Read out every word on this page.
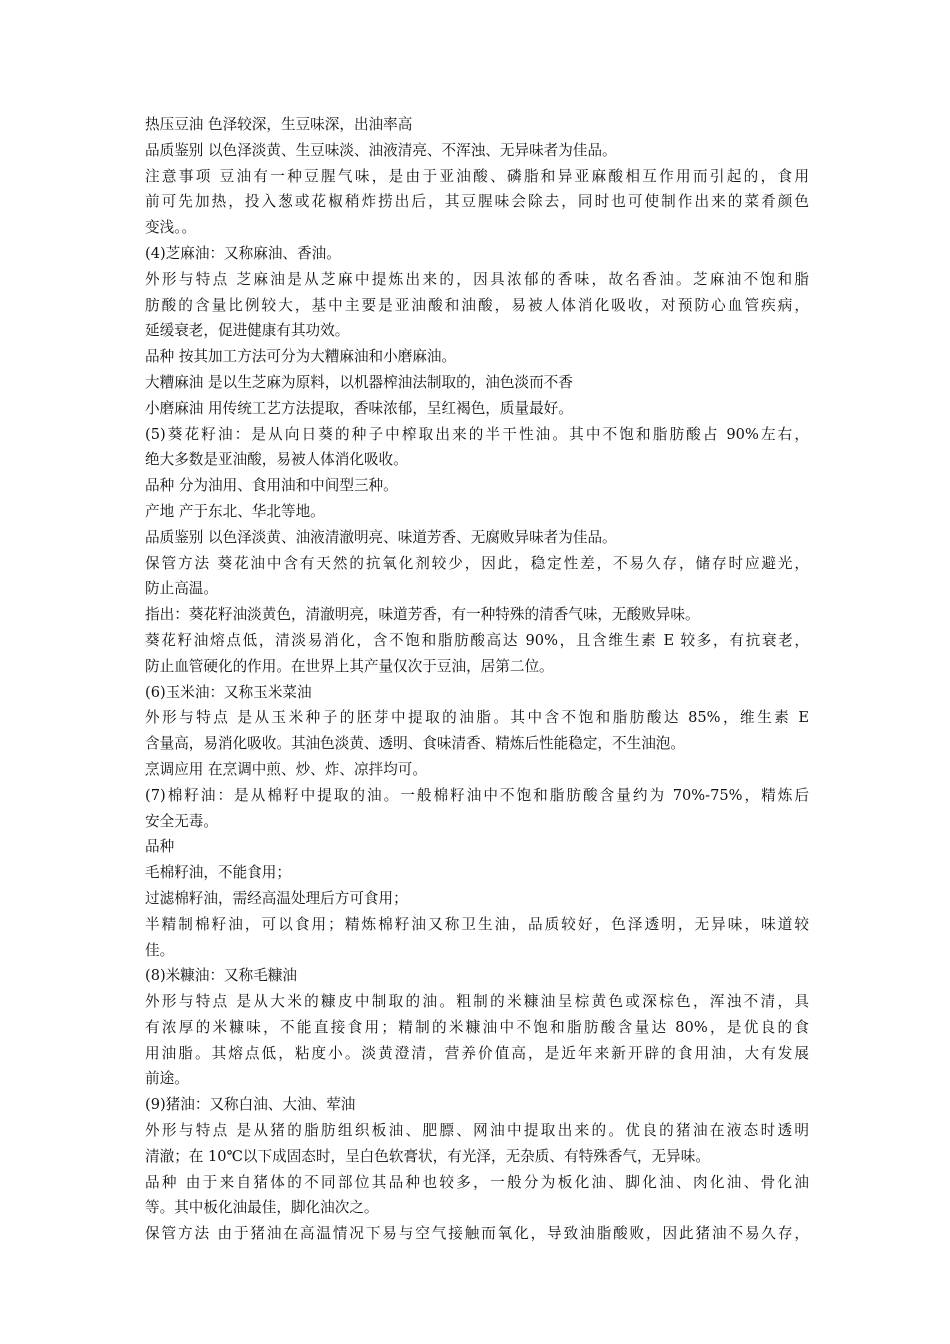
热压豆油 色泽较深，生豆味深，出油率高
品质鉴别 以色泽淡黄、生豆味淡、油液清亮、不浑浊、无异味者为佳品。
注意事项 豆油有一种豆腥气味，是由于亚油酸、磷脂和异亚麻酸相互作用而引起的，食用
前可先加热，投入葱或花椒稍炸捞出后，其豆腥味会除去，同时也可使制作出来的菜肴颜色
变浅。。
(4)芝麻油：又称麻油、香油。
外形与特点 芝麻油是从芝麻中提炼出来的，因具浓郁的香味，故名香油。芝麻油不饱和脂
肪酸的含量比例较大，基中主要是亚油酸和油酸，易被人体消化吸收，对预防心血管疾病，
延缓衰老，促进健康有其功效。
品种 按其加工方法可分为大糟麻油和小磨麻油。
大糟麻油 是以生芝麻为原料，以机器榨油法制取的，油色淡而不香
小磨麻油 用传统工艺方法提取，香味浓郁，呈红褐色，质量最好。
(5)葵花籽油：是从向日葵的种子中榨取出来的半干性油。其中不饱和脂肪酸占 90%左右，
绝大多数是亚油酸，易被人体消化吸收。
品种 分为油用、食用油和中间型三种。
产地 产于东北、华北等地。
品质鉴别 以色泽淡黄、油液清澈明亮、味道芳香、无腐败异味者为佳品。
保管方法 葵花油中含有天然的抗氧化剂较少，因此，稳定性差，不易久存，储存时应避光，
防止高温。
指出：葵花籽油淡黄色，清澈明亮，味道芳香，有一种特殊的清香气味，无酸败异味。
葵花籽油熔点低，清淡易消化，含不饱和脂肪酸高达 90%，且含维生素 E 较多，有抗衰老，
防止血管硬化的作用。在世界上其产量仅次于豆油，居第二位。
(6)玉米油：又称玉米菜油
外形与特点 是从玉米种子的胚芽中提取的油脂。其中含不饱和脂肪酸达 85%，维生素 E
含量高，易消化吸收。其油色淡黄、透明、食味清香、精炼后性能稳定，不生油泡。
烹调应用 在烹调中煎、炒、炸、凉拌均可。
(7)棉籽油：是从棉籽中提取的油。一般棉籽油中不饱和脂肪酸含量约为 70%-75%，精炼后
安全无毒。
品种
毛棉籽油，不能食用；
过滤棉籽油，需经高温处理后方可食用；
半精制棉籽油，可以食用；精炼棉籽油又称卫生油，品质较好，色泽透明，无异味，味道较
佳。
(8)米糠油：又称毛糠油
外形与特点 是从大米的糠皮中制取的油。粗制的米糠油呈棕黄色或深棕色，浑浊不清，具
有浓厚的米糠味，不能直接食用；精制的米糠油中不饱和脂肪酸含量达 80%，是优良的食
用油脂。其熔点低，粘度小。淡黄澄清，营养价值高，是近年来新开辟的食用油，大有发展
前途。
(9)猪油：又称白油、大油、荤油
外形与特点 是从猪的脂肪组织板油、肥膘、网油中提取出来的。优良的猪油在液态时透明
清澈；在 10℃以下成固态时，呈白色软膏状，有光泽，无杂质、有特殊香气，无异味。
品种 由于来自猪体的不同部位其品种也较多，一般分为板化油、脚化油、肉化油、骨化油
等。其中板化油最佳，脚化油次之。
保管方法 由于猪油在高温情况下易与空气接触而氧化，导致油脂酸败，因此猪油不易久存，
